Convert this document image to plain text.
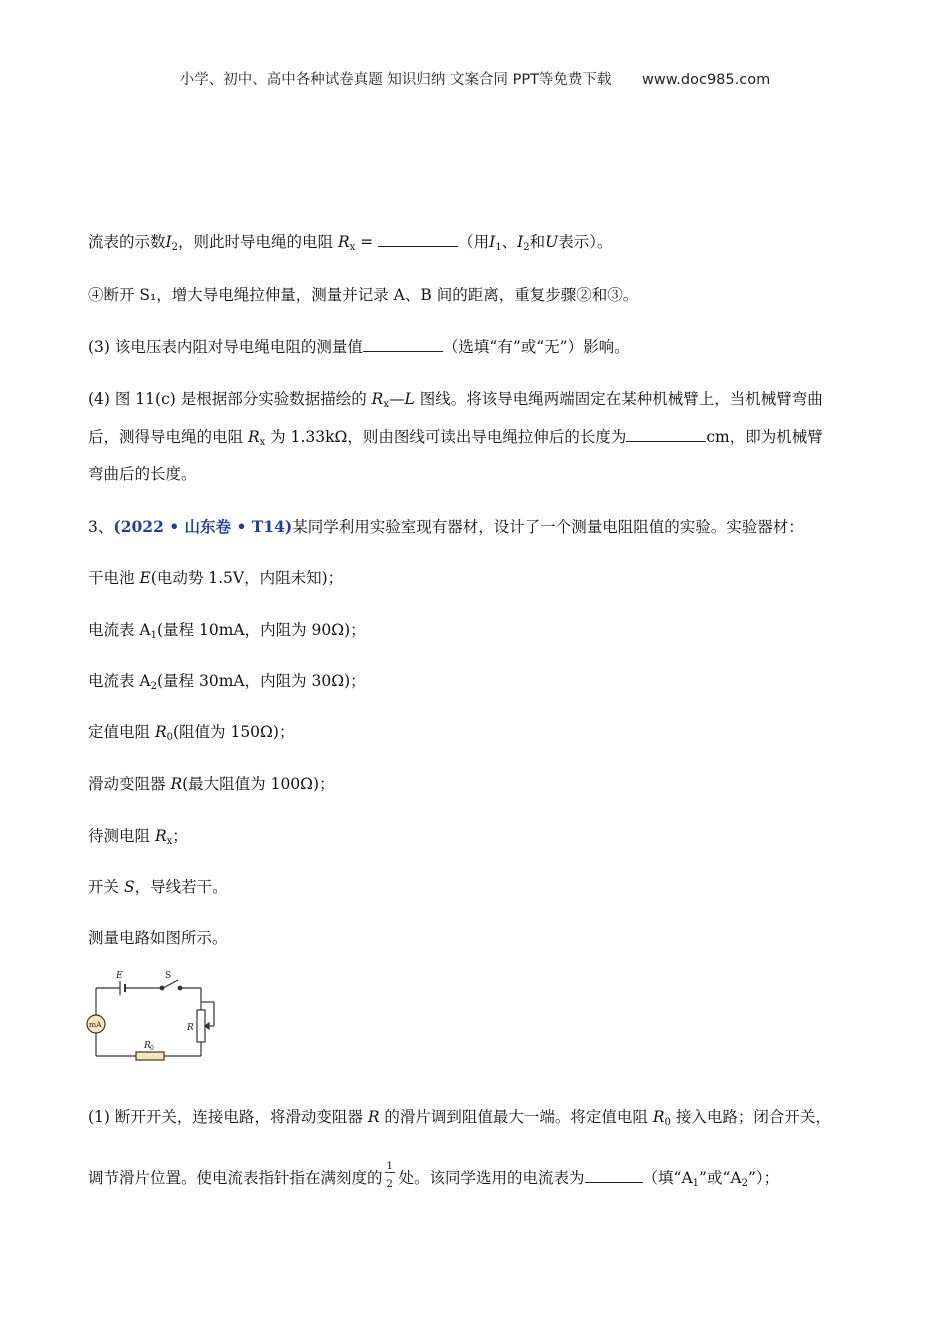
小学、初中、高中各种试卷真题 知识归纳 文案合同 PPT等免费下载 www.doc985.com
流表的示数$I_2$，则此时导电绳的电阻 $R_x$ =	（用$I_1$、$I_2$和U表示）。
④断开 S₁，增大导电绳拉伸量，测量并记录 A、B 间的距离，重复步骤②和③。
(3) 该电压表内阻对导电绳电阻的测量值	（选填“有”或“无”）影响。
(4) 图 11(c) 是根据部分实验数据描绘的 $R_x—L$ 图线。将该导电绳两端固定在某种机械臂上，当机械臂弯曲
后，测得导电绳的电阻 $R_x$ 为 1.33kΩ，则由图线可读出导电绳拉伸后的长度为	cm，即为机械臂
弯曲后的长度。
3、(2022 • 山东卷 • T14)某同学利用实验室现有器材，设计了一个测量电阻阻值的实验。实验器材：
干电池 E(电动势 1.5V，内阻未知)；
电流表 $A_1$(量程 10mA，内阻为 90Ω)；
电流表 $A_2$(量程 30mA，内阻为 30Ω)；
定值电阻 $R_0$(阻值为 150Ω)；
滑动变阻器 R(最大阻值为 100Ω)；
待测电阻 $R_x$；
开关 S，导线若干。
测量电路如图所示。
E	S
mA	R
R 0
(1) 断开开关，连接电路，将滑动变阻器 R 的滑片调到阻值最大一端。将定值电阻 $R_0$ 接入电路；闭合开关，
调节滑片位置。使电流表指针指在满刻度的 $\frac{1}{2}$ 处。该同学选用的电流表为	（填“$A_1$”或“$A_2$”）；
